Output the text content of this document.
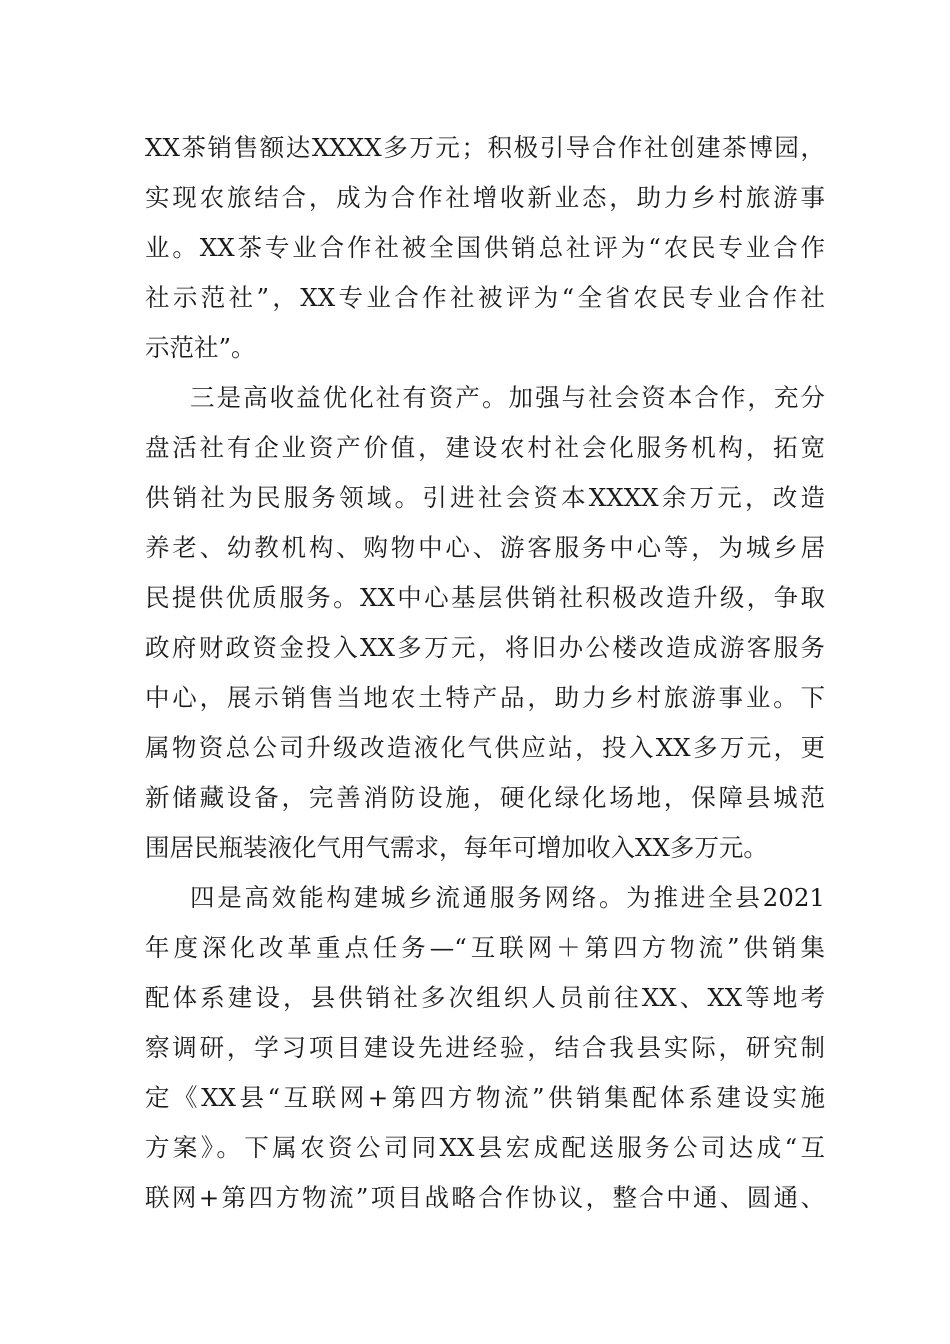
XX茶销售额达XXXX多万元；积极引导合作社创建茶博园，
实现农旅结合，成为合作社增收新业态，助力乡村旅游事
业。XX茶专业合作社被全国供销总社评为“农民专业合作
社示范社”，XX专业合作社被评为“全省农民专业合作社
示范社”。
三是高收益优化社有资产。加强与社会资本合作，充分
盘活社有企业资产价值，建设农村社会化服务机构，拓宽
供销社为民服务领域。引进社会资本XXXX余万元，改造
养老、幼教机构、购物中心、游客服务中心等，为城乡居
民提供优质服务。XX中心基层供销社积极改造升级，争取
政府财政资金投入XX多万元，将旧办公楼改造成游客服务
中心，展示销售当地农土特产品，助力乡村旅游事业。下
属物资总公司升级改造液化气供应站，投入XX多万元，更
新储藏设备，完善消防设施，硬化绿化场地，保障县城范
围居民瓶装液化气用气需求，每年可增加收入XX多万元。
四是高效能构建城乡流通服务网络。为推进全县2021
年度深化改革重点任务—“互联网＋第四方物流”供销集
配体系建设，县供销社多次组织人员前往XX、XX等地考
察调研，学习项目建设先进经验，结合我县实际，研究制
定《XX县“互联网+第四方物流”供销集配体系建设实施
方案》。下属农资公司同XX县宏成配送服务公司达成“互
联网+第四方物流”项目战略合作协议，整合中通、圆通、
